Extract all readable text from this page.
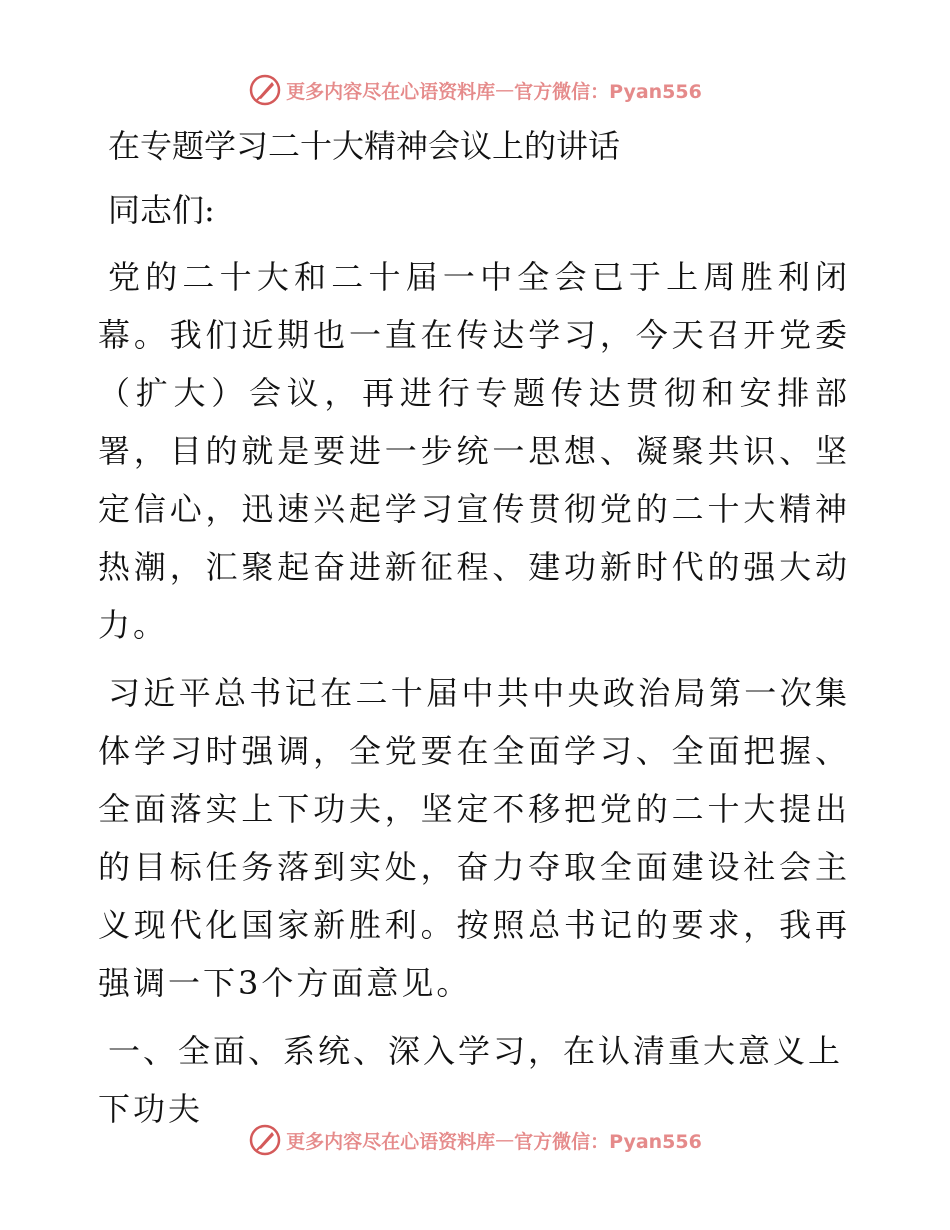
更多内容尽在心语资料库 — 官方微信：Pyan556
在专题学习二十大精神会议上的讲话
同志们:

党的二十大和二十届一中全会已于上周胜利闭幕。我们近期也一直在传达学习，今天召开党委（扩大）会议，再进行专题传达贯彻和安排部署，目的就是要进一步统一思想、凝聚共识、坚定信心，迅速兴起学习宣传贯彻党的二十大精神热潮，汇聚起奋进新征程、建功新时代的强大动力。

习近平总书记在二十届中共中央政治局第一次集体学习时强调，全党要在全面学习、全面把握、全面落实上下功夫，坚定不移把党的二十大提出的目标任务落到实处，奋力夺取全面建设社会主义现代化国家新胜利。按照总书记的要求，我再强调一下3个方面意见。

一、全面、系统、深入学习，在认清重大意义上下功夫

更多内容尽在心语资料库 — 官方微信：Pyan556
